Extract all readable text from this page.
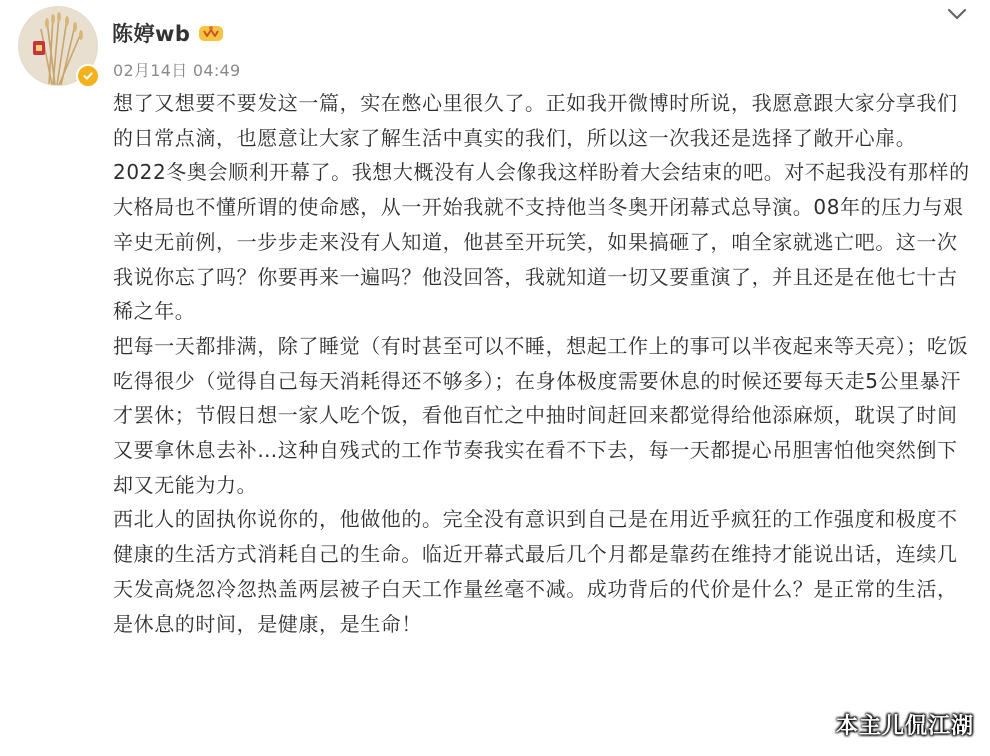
陈婷wb
02月14日 04:49

想了又想要不要发这一篇，实在憋心里很久了。正如我开微博时所说，我愿意跟大家分享我们的日常点滴，也愿意让大家了解生活中真实的我们，所以这一次我还是选择了敞开心扉。

2022冬奥会顺利开幕了。我想大概没有人会像我这样盼着大会结束的吧。对不起我没有那样的大格局也不懂所谓的使命感，从一开始我就不支持他当冬奥开闭幕式总导演。08年的压力与艰辛史无前例，一步步走来没有人知道，他甚至开玩笑，如果搞砸了，咱全家就逃亡吧。这一次我说你忘了吗？你要再来一遍吗？他没回答，我就知道一切又要重演了，并且还是在他七十古稀之年。

把每一天都排满，除了睡觉（有时甚至可以不睡，想起工作上的事可以半夜起来等天亮）；吃饭吃得很少（觉得自己每天消耗得还不够多）；在身体极度需要休息的时候还要每天走5公里暴汗才罢休；节假日想一家人吃个饭，看他百忙之中抽时间赶回来都觉得给他添麻烦，耽误了时间又要拿休息去补…这种自残式的工作节奏我实在看不下去，每一天都提心吊胆害怕他突然倒下却又无能为力。

西北人的固执你说你的，他做他的。完全没有意识到自己是在用近乎疯狂的工作强度和极度不健康的生活方式消耗自己的生命。临近开幕式最后几个月都是靠药在维持才能说出话，连续几天发高烧忽冷忽热盖两层被子白天工作量丝毫不减。成功背后的代价是什么？是正常的生活，是休息的时间，是健康，是生命！

本主儿侃江湖
